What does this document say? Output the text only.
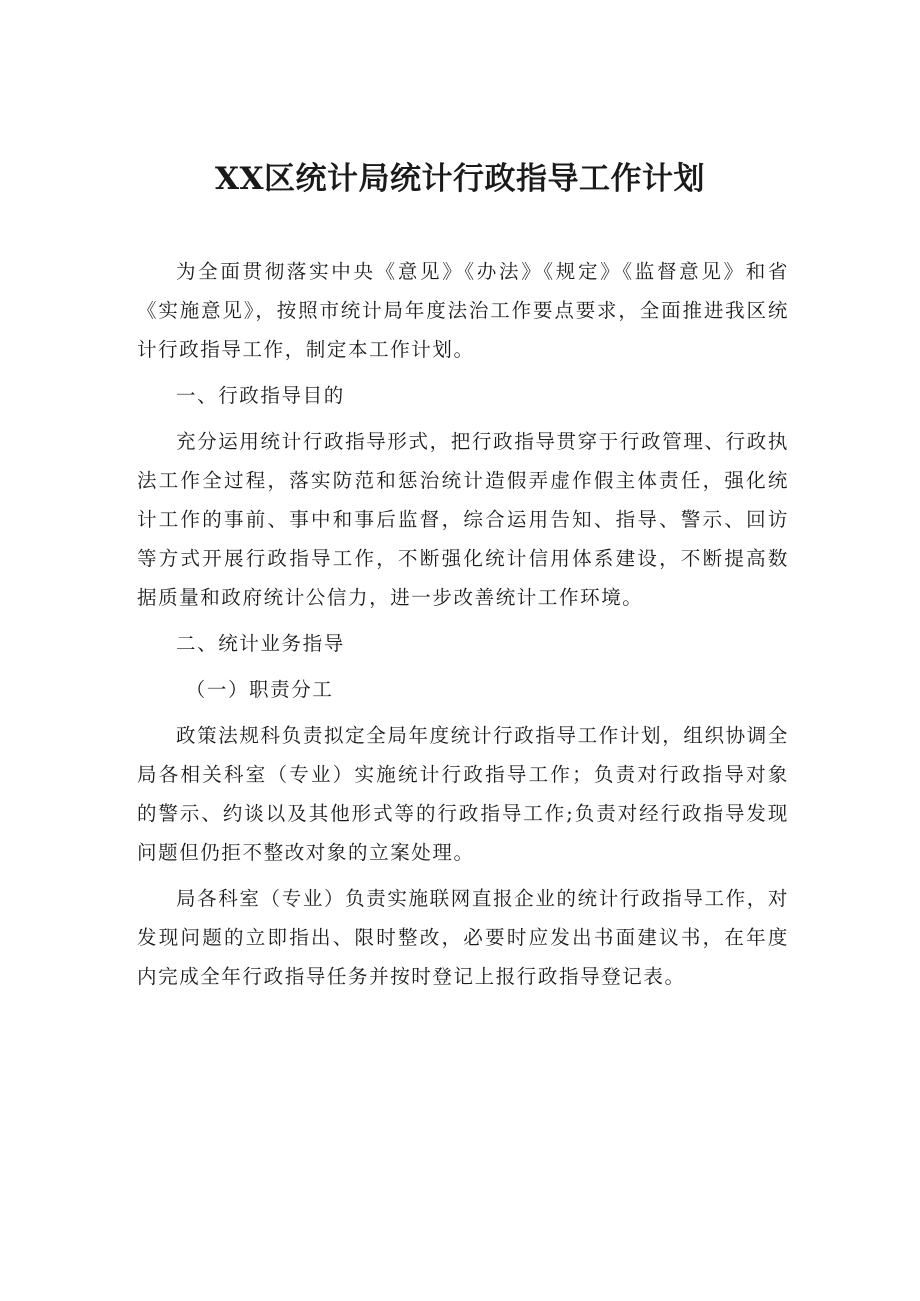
XX区统计局统计行政指导工作计划

为全面贯彻落实中央《意见》《办法》《规定》《监督意见》和省《实施意见》，按照市统计局年度法治工作要点要求，全面推进我区统计行政指导工作，制定本工作计划。

一、行政指导目的

充分运用统计行政指导形式，把行政指导贯穿于行政管理、行政执法工作全过程，落实防范和惩治统计造假弄虚作假主体责任，强化统计工作的事前、事中和事后监督，综合运用告知、指导、警示、回访等方式开展行政指导工作，不断强化统计信用体系建设，不断提高数据质量和政府统计公信力，进一步改善统计工作环境。

二、统计业务指导

（一）职责分工

政策法规科负责拟定全局年度统计行政指导工作计划，组织协调全局各相关科室（专业）实施统计行政指导工作；负责对行政指导对象的警示、约谈以及其他形式等的行政指导工作;负责对经行政指导发现问题但仍拒不整改对象的立案处理。

局各科室（专业）负责实施联网直报企业的统计行政指导工作，对发现问题的立即指出、限时整改，必要时应发出书面建议书，在年度内完成全年行政指导任务并按时登记上报行政指导登记表。
